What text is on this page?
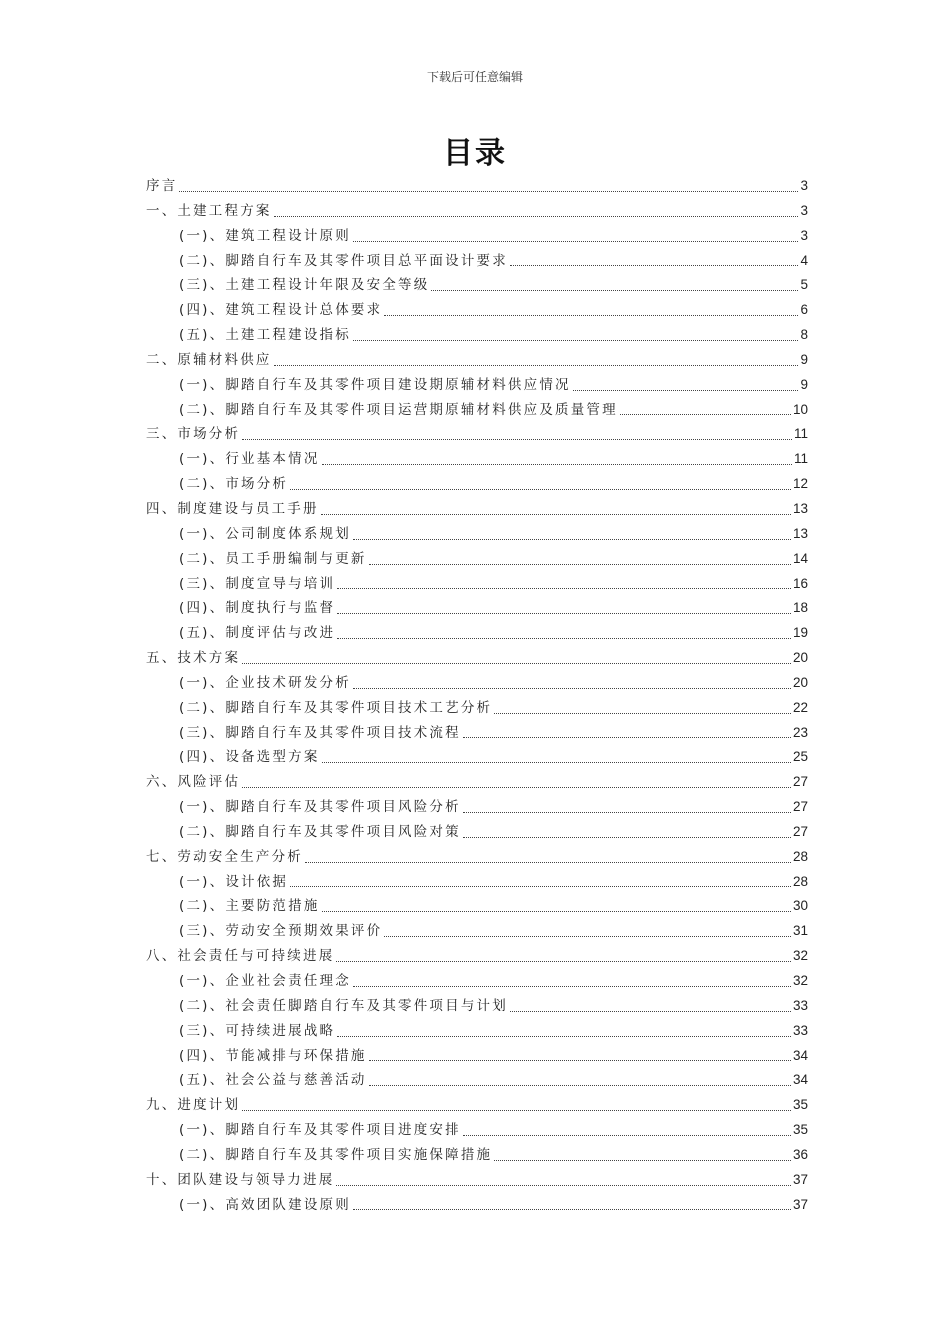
下载后可任意编辑
目录
序言	3
一、土建工程方案	3
(一)、建筑工程设计原则	3
(二)、脚踏自行车及其零件项目总平面设计要求	4
(三)、土建工程设计年限及安全等级	5
(四)、建筑工程设计总体要求	6
(五)、土建工程建设指标	8
二、原辅材料供应	9
(一)、脚踏自行车及其零件项目建设期原辅材料供应情况	9
(二)、脚踏自行车及其零件项目运营期原辅材料供应及质量管理	10
三、市场分析	11
(一)、行业基本情况	11
(二)、市场分析	12
四、制度建设与员工手册	13
(一)、公司制度体系规划	13
(二)、员工手册编制与更新	14
(三)、制度宣导与培训	16
(四)、制度执行与监督	18
(五)、制度评估与改进	19
五、技术方案	20
(一)、企业技术研发分析	20
(二)、脚踏自行车及其零件项目技术工艺分析	22
(三)、脚踏自行车及其零件项目技术流程	23
(四)、设备选型方案	25
六、风险评估	27
(一)、脚踏自行车及其零件项目风险分析	27
(二)、脚踏自行车及其零件项目风险对策	27
七、劳动安全生产分析	28
(一)、设计依据	28
(二)、主要防范措施	30
(三)、劳动安全预期效果评价	31
八、社会责任与可持续进展	32
(一)、企业社会责任理念	32
(二)、社会责任脚踏自行车及其零件项目与计划	33
(三)、可持续进展战略	33
(四)、节能减排与环保措施	34
(五)、社会公益与慈善活动	34
九、进度计划	35
(一)、脚踏自行车及其零件项目进度安排	35
(二)、脚踏自行车及其零件项目实施保障措施	36
十、团队建设与领导力进展	37
(一)、高效团队建设原则	37
